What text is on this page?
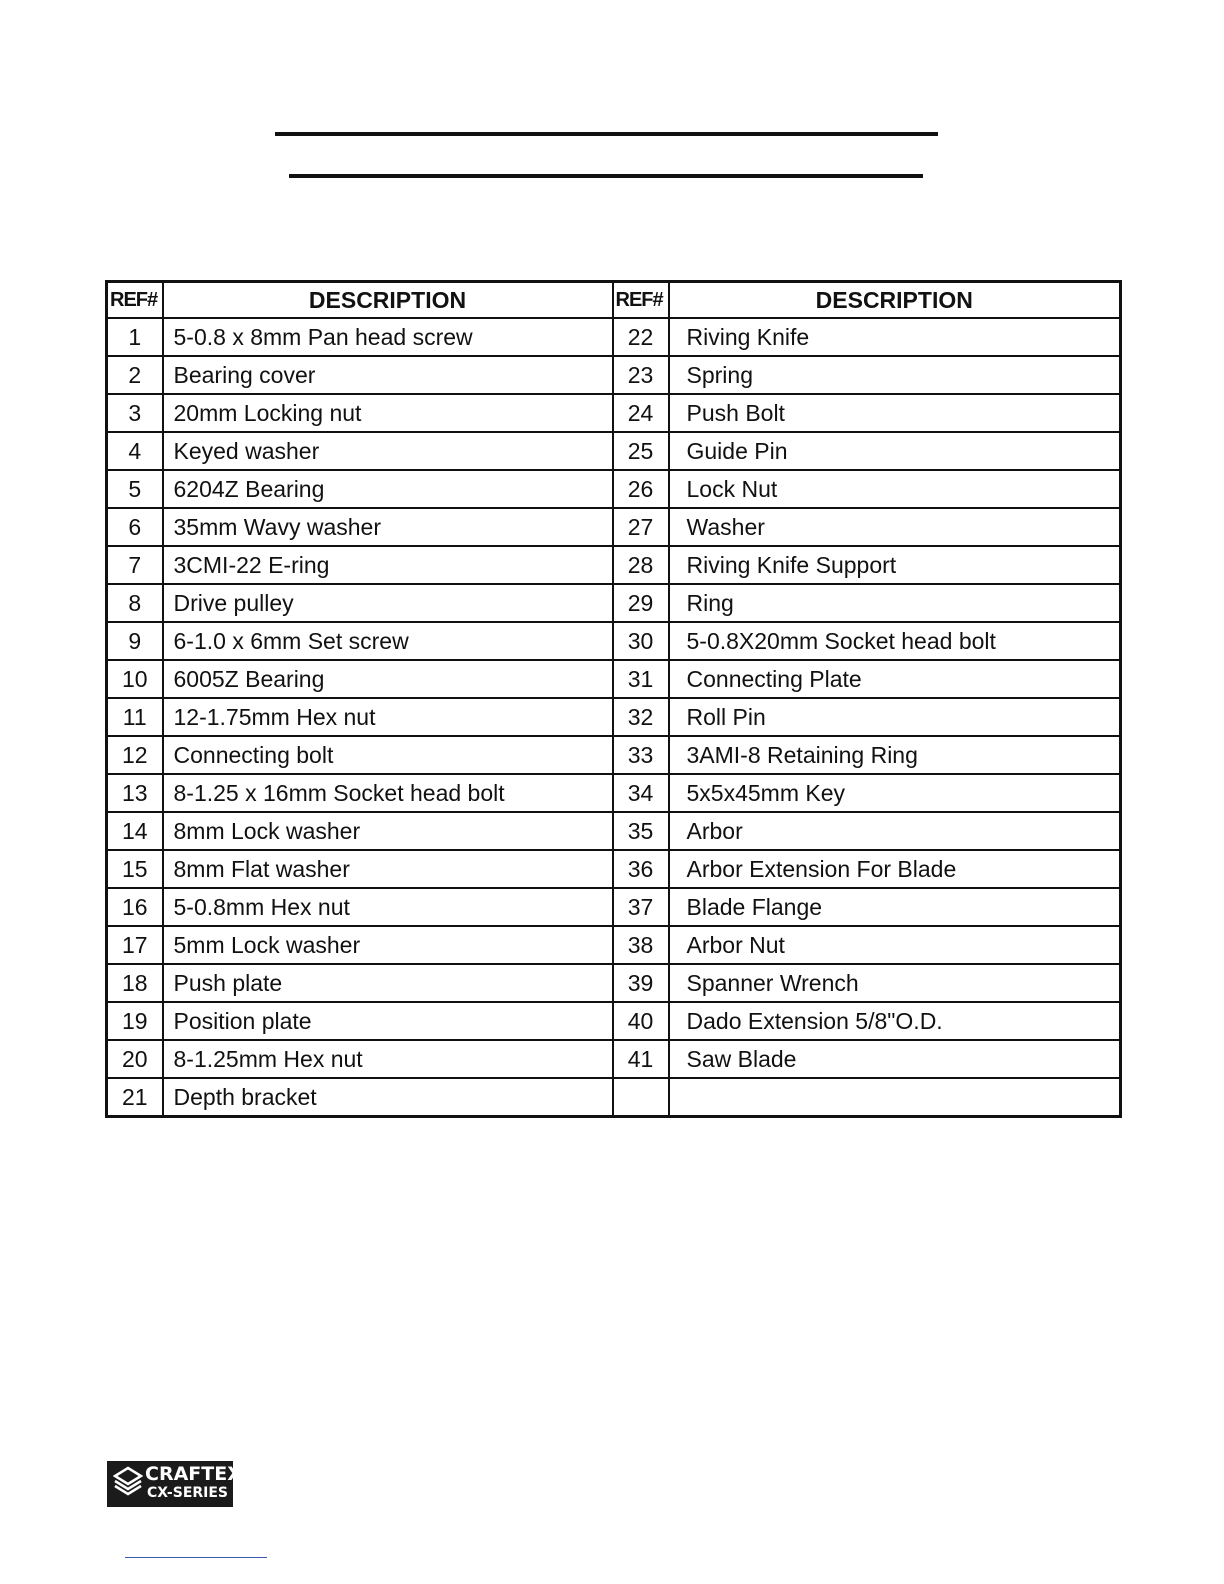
REF#	DESCRIPTION	REF#	DESCRIPTION
1	5-0.8 x 8mm Pan head screw	22	Riving Knife
2	Bearing cover	23	Spring
3	20mm Locking nut	24	Push Bolt
4	Keyed washer	25	Guide Pin
5	6204Z Bearing	26	Lock Nut
6	35mm Wavy washer	27	Washer
7	3CMI-22 E-ring	28	Riving Knife Support
8	Drive pulley	29	Ring
9	6-1.0 x 6mm Set screw	30	5-0.8X20mm Socket head bolt
10	6005Z Bearing	31	Connecting Plate
11	12-1.75mm Hex nut	32	Roll Pin
12	Connecting bolt	33	3AMI-8 Retaining Ring
13	8-1.25 x 16mm Socket head bolt	34	5x5x45mm Key
14	8mm Lock washer	35	Arbor
15	8mm Flat washer	36	Arbor Extension For Blade
16	5-0.8mm Hex nut	37	Blade Flange
17	5mm Lock washer	38	Arbor Nut
18	Push plate	39	Spanner Wrench
19	Position plate	40	Dado Extension 5/8"O.D.
20	8-1.25mm Hex nut	41	Saw Blade
21	Depth bracket		
CRAFTEX
CX-SERIES
